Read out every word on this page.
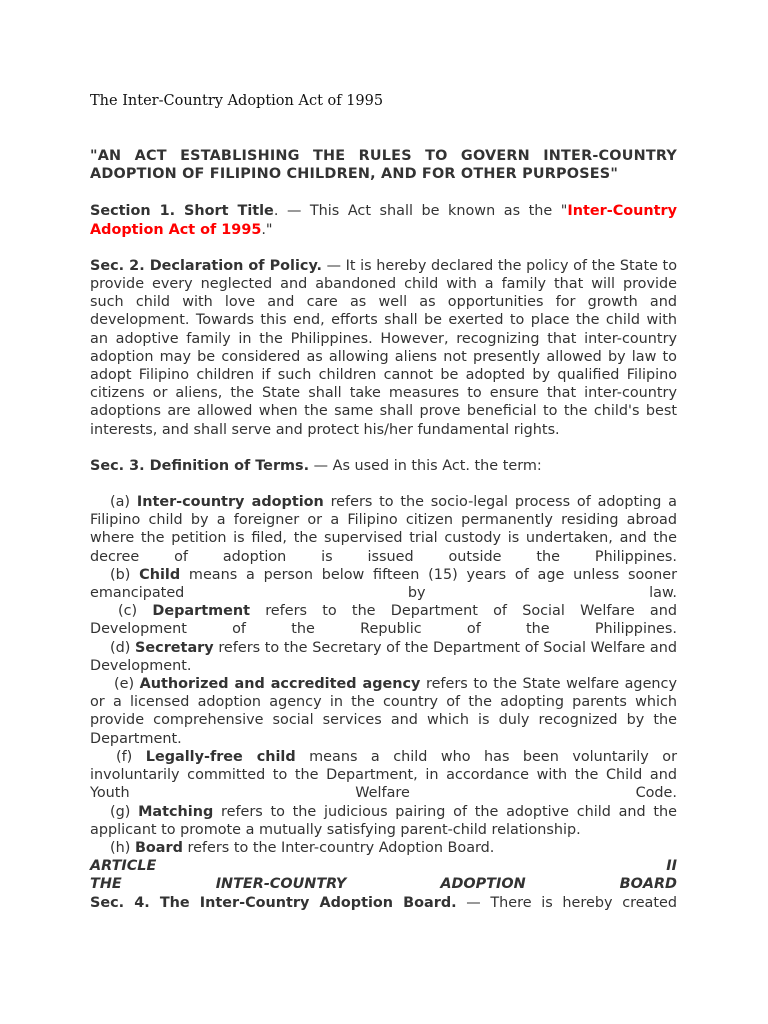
The Inter-Country Adoption Act of 1995

"AN ACT ESTABLISHING THE RULES TO GOVERN INTER-COUNTRY ADOPTION OF FILIPINO CHILDREN, AND FOR OTHER PURPOSES"

Section 1. Short Title. — This Act shall be known as the "Inter-Country Adoption Act of 1995."

Sec. 2. Declaration of Policy. — It is hereby declared the policy of the State to provide every neglected and abandoned child with a family that will provide such child with love and care as well as opportunities for growth and development. Towards this end, efforts shall be exerted to place the child with an adoptive family in the Philippines. However, recognizing that inter-country adoption may be considered as allowing aliens not presently allowed by law to adopt Filipino children if such children cannot be adopted by qualified Filipino citizens or aliens, the State shall take measures to ensure that inter-country adoptions are allowed when the same shall prove beneficial to the child's best interests, and shall serve and protect his/her fundamental rights.

Sec. 3. Definition of Terms. — As used in this Act. the term:

(a) Inter-country adoption refers to the socio-legal process of adopting a Filipino child by a foreigner or a Filipino citizen permanently residing abroad where the petition is filed, the supervised trial custody is undertaken, and the decree of adoption is issued outside the Philippines.

(b) Child means a person below fifteen (15) years of age unless sooner emancipated by law.

(c) Department refers to the Department of Social Welfare and Development of the Republic of the Philippines.

(d) Secretary refers to the Secretary of the Department of Social Welfare and Development.

(e) Authorized and accredited agency refers to the State welfare agency or a licensed adoption agency in the country of the adopting parents which provide comprehensive social services and which is duly recognized by the Department.

(f) Legally-free child means a child who has been voluntarily or involuntarily committed to the Department, in accordance with the Child and Youth Welfare Code.

(g) Matching refers to the judicious pairing of the adoptive child and the applicant to promote a mutually satisfying parent-child relationship.

(h) Board refers to the Inter-country Adoption Board.

ARTICLE II

THE INTER-COUNTRY ADOPTION BOARD

Sec. 4. The Inter-Country Adoption Board. — There is hereby created
